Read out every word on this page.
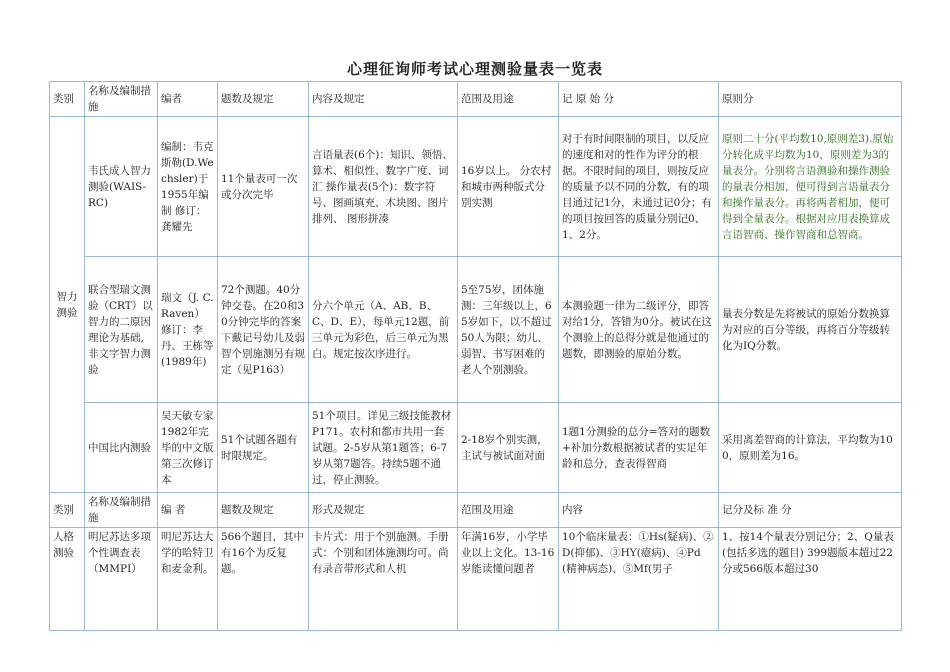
心理征询师考试心理测验量表一览表
类别	名称及编制措施	编者	题数及规定	内容及规定	范围及用途	记 原 始 分	原则分
智力测验	韦氏成人智力测验(WAIS-RC)	编制：韦克斯勒(D.Wechsler)于1955年编制 修订：龚耀先	11个量表可一次或分次完毕	言语量表(6个)：知识、领悟、算术、相似性、数字广度、词汇 操作量表(5个)：数字符号、图画填充、木块图、图片排列、 图形拼凑	16岁以上。 分农村和城市两种版式分别实测	对于有时间限制的项目，以反应的速度和对的性作为评分的根据。不限时间的项目，则按反应的质量予以不同的分数，有的项目通过记1分，未通过记0分；有的项目按回答的质量分别记0、1、2分。	原则二十分(平均数10,原则差3).原始分转化成平均数为10，原则差为3的量表分。分别将言语测验和操作测验的量表分相加，便可得到言语量表分和操作量表分。再将两者相加，便可得到全量表分。根据对应用表换算成言语智商、操作智商和总智商。
	联合型瑞文测验（CRT）以智力的二原因理论为基础,非文字智力测验	瑞文（J. C. Raven）修订：李丹、王栋等(1989年)	72个测题。40分钟交卷。在20和30分钟完毕的答案下戴记号幼儿及弱智个别施测另有规定（见P163）	分六个单元（A、AB、B、C、D、E），每单元12题，前三单元为彩色，后三单元为黑白。规定按次序进行。	5至75岁，团体施测：三年级以上，65岁如下，以不超过50人为限；幼儿、弱智、书写困难的老人个别测验。	本测验题一律为二级评分，即答对给1分，答错为0分。被试在这个测验上的总得分就是他通过的题数，即测验的原始分数。	量表分数是先将被试的原始分数换算为对应的百分等级，再将百分等级转化为IQ分数。
	中国比内测验	吴天敏专家1982年完毕的中文版第三次修订本	51个试题各题有时限规定。	51个项目。详见三级技能教材P171。农村和都市共用一套试题。2-5岁从第1题答；6-7岁从第7题答。持续5题不通过，停止测验。	2-18岁个别实测，主试与被试面对面	1题1分测验的总分=答对的题数+补加分数根据被试者的实足年龄和总分，查表得智商	采用离差智商的计算法，平均数为100，原则差为16。
类别	名称及编制措施	编 者	题数及规定	形式及规定	范围及用途	内容	记分及标 准 分
人格测验	明尼苏达多项个性调查表（MMPI）	明尼苏达大学的哈特卫和麦金利。	566个题目，其中有16个为反复题。	卡片式：用于个别施测。手册式：个别和团体施测均可。尚有录音带形式和人机	年满16岁，小学毕业以上文化。13-16岁能读懂问题者	10个临床量表：①Hs(疑病)、②D(抑郁)、③HY(癔病)、④Pd(精神病态)、⑤Mf(男子	1、按14个量表分别记分；2、Q量表(包括多选的题目) 399题版本超过22分或566版本超过30
